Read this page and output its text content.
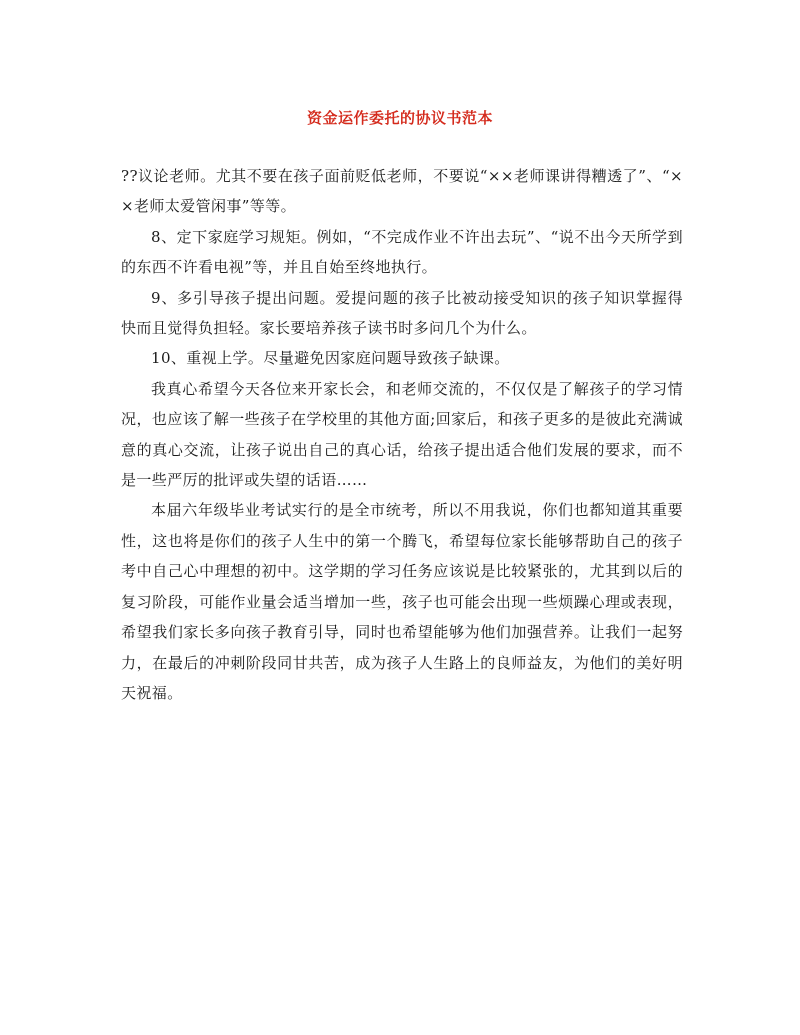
资金运作委托的协议书范本

??议论老师。尤其不要在孩子面前贬低老师，不要说“××老师课讲得糟透了”、“××老师太爱管闲事”等等。

8、定下家庭学习规矩。例如，“不完成作业不许出去玩”、“说不出今天所学到的东西不许看电视”等，并且自始至终地执行。

9、多引导孩子提出问题。爱提问题的孩子比被动接受知识的孩子知识掌握得快而且觉得负担轻。家长要培养孩子读书时多问几个为什么。

10、重视上学。尽量避免因家庭问题导致孩子缺课。

我真心希望今天各位来开家长会，和老师交流的，不仅仅是了解孩子的学习情况，也应该了解一些孩子在学校里的其他方面;回家后，和孩子更多的是彼此充满诚意的真心交流，让孩子说出自己的真心话，给孩子提出适合他们发展的要求，而不是一些严厉的批评或失望的话语……

本届六年级毕业考试实行的是全市统考，所以不用我说，你们也都知道其重要性，这也将是你们的孩子人生中的第一个腾飞，希望每位家长能够帮助自己的孩子考中自己心中理想的初中。这学期的学习任务应该说是比较紧张的，尤其到以后的复习阶段，可能作业量会适当增加一些，孩子也可能会出现一些烦躁心理或表现，希望我们家长多向孩子教育引导，同时也希望能够为他们加强营养。让我们一起努力，在最后的冲刺阶段同甘共苦，成为孩子人生路上的良师益友，为他们的美好明天祝福。
